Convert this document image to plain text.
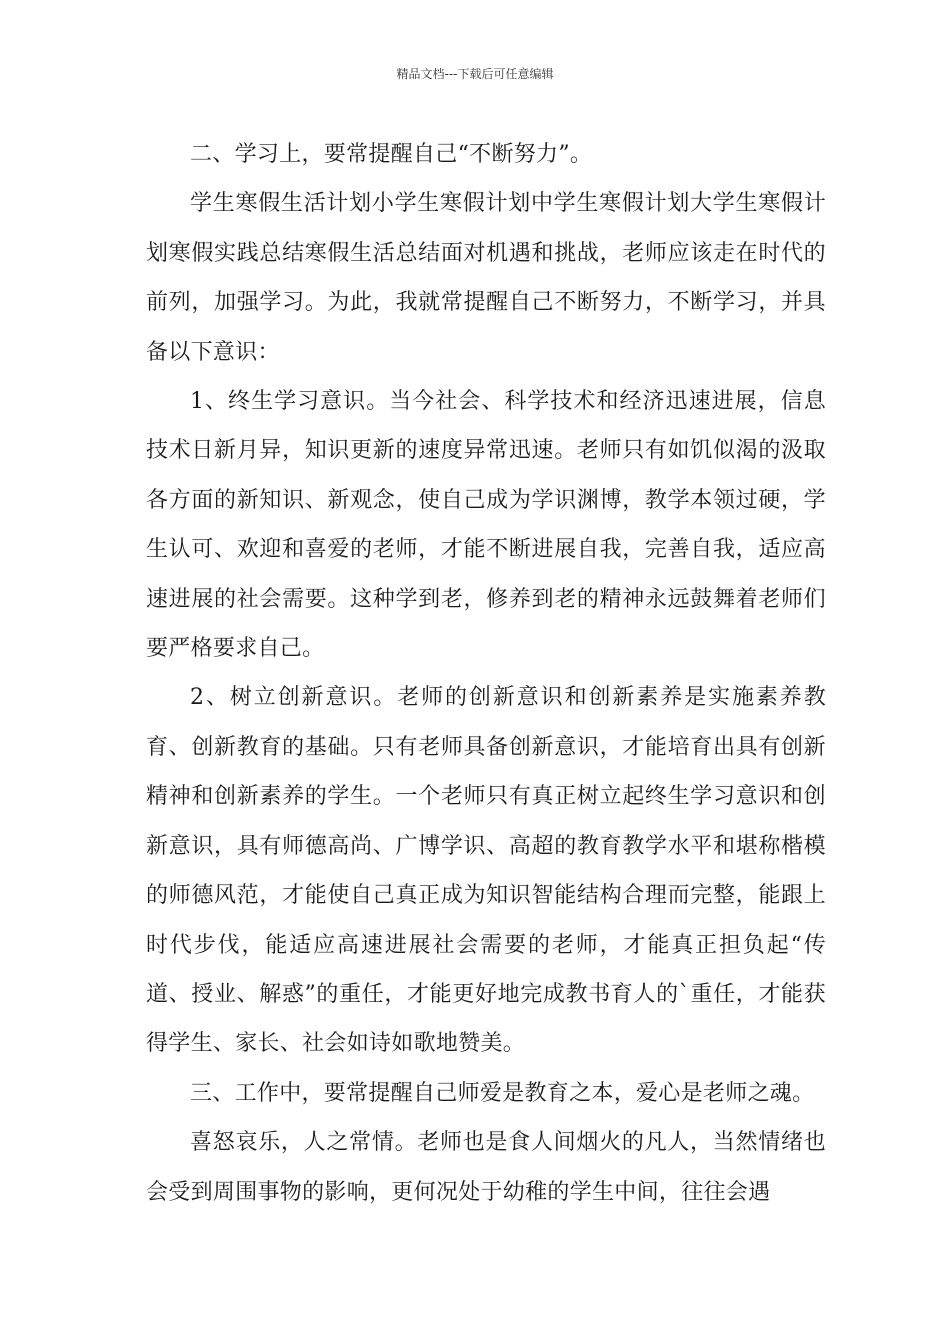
精品文档---下载后可任意编辑

二、学习上，要常提醒自己“不断努力”。

学生寒假生活计划小学生寒假计划中学生寒假计划大学生寒假计划寒假实践总结寒假生活总结面对机遇和挑战，老师应该走在时代的前列，加强学习。为此，我就常提醒自己不断努力，不断学习，并具备以下意识：

1、终生学习意识。当今社会、科学技术和经济迅速进展，信息技术日新月异，知识更新的速度异常迅速。老师只有如饥似渴的汲取各方面的新知识、新观念，使自己成为学识渊博，教学本领过硬，学生认可、欢迎和喜爱的老师，才能不断进展自我，完善自我，适应高速进展的社会需要。这种学到老，修养到老的精神永远鼓舞着老师们要严格要求自己。

2、树立创新意识。老师的创新意识和创新素养是实施素养教育、创新教育的基础。只有老师具备创新意识，才能培育出具有创新精神和创新素养的学生。一个老师只有真正树立起终生学习意识和创新意识，具有师德高尚、广博学识、高超的教育教学水平和堪称楷模的师德风范，才能使自己真正成为知识智能结构合理而完整，能跟上时代步伐，能适应高速进展社会需要的老师，才能真正担负起“传道、授业、解惑”的重任，才能更好地完成教书育人的`重任，才能获得学生、家长、社会如诗如歌地赞美。

三、工作中，要常提醒自己师爱是教育之本，爱心是老师之魂。

喜怒哀乐，人之常情。老师也是食人间烟火的凡人，当然情绪也会受到周围事物的影响，更何况处于幼稚的学生中间，往往会遇
